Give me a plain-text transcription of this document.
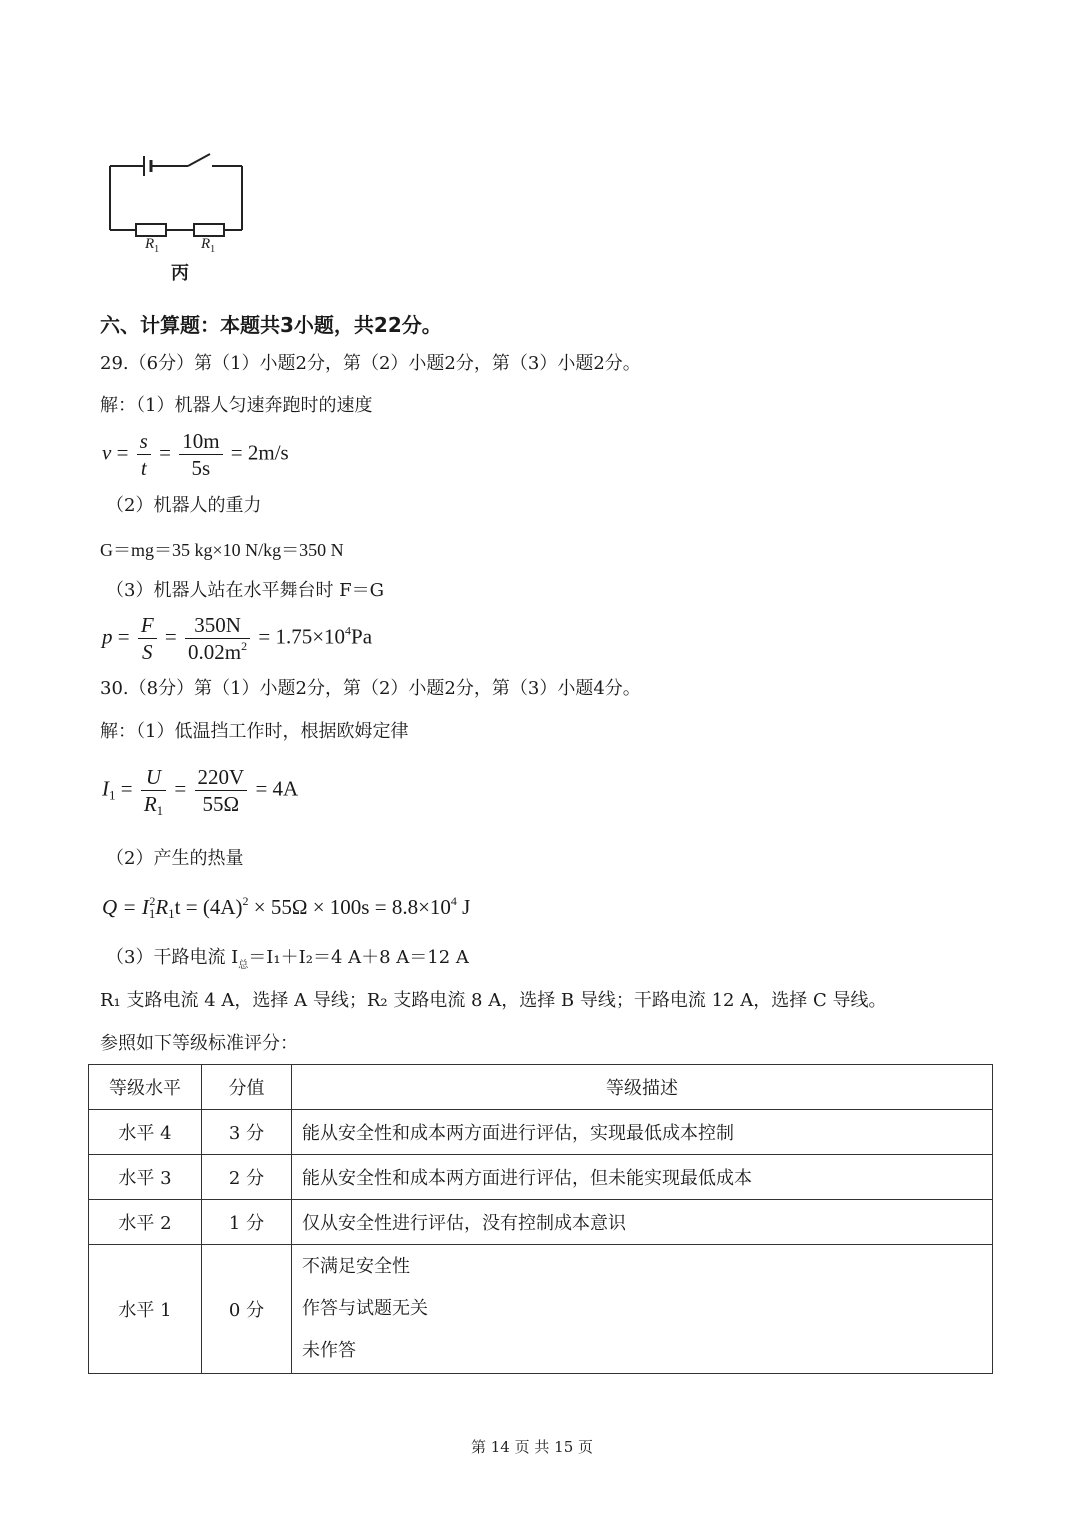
$R_1$	$R_1$
丙
六、计算题：本题共3小题，共22分。
29.（6分）第（1）小题2分，第（2）小题2分，第（3）小题2分。
解：（1）机器人匀速奔跑时的速度
$v = \frac{s}{t} = \frac{10m}{5s} = 2m/s$
（2）机器人的重力
G＝mg＝35 kg×10 N/kg＝350 N
（3）机器人站在水平舞台时 F＝G
$p = \frac{F}{S} = \frac{350N}{0.02m^2} = 1.75\times 10^4Pa$
30.（8分）第（1）小题2分，第（2）小题2分，第（3）小题4分。
解：（1）低温挡工作时，根据欧姆定律
$I_1 = \frac{U}{R_1} = \frac{220V}{55\Omega} = 4A$
（2）产生的热量
$Q = I_1^2R_1t = (4A)^2 \times 55\Omega \times 100s = 8.8\times 10^4$ J
（3）干路电流 $I_总=I_1+I_2=4$ A＋8 A＝12 A
R₁ 支路电流 4 A，选择 A 导线；R₂ 支路电流 8 A，选择 B 导线；干路电流 12 A，选择 C 导线。
参照如下等级标准评分：
等级水平	分值	等级描述
水平 4	3 分	能从安全性和成本两方面进行评估，实现最低成本控制
水平 3	2 分	能从安全性和成本两方面进行评估，但未能实现最低成本
水平 2	1 分	仅从安全性进行评估，没有控制成本意识
水平 1	0 分	不满足安全性
作答与试题无关
未作答
第 14 页 共 15 页
